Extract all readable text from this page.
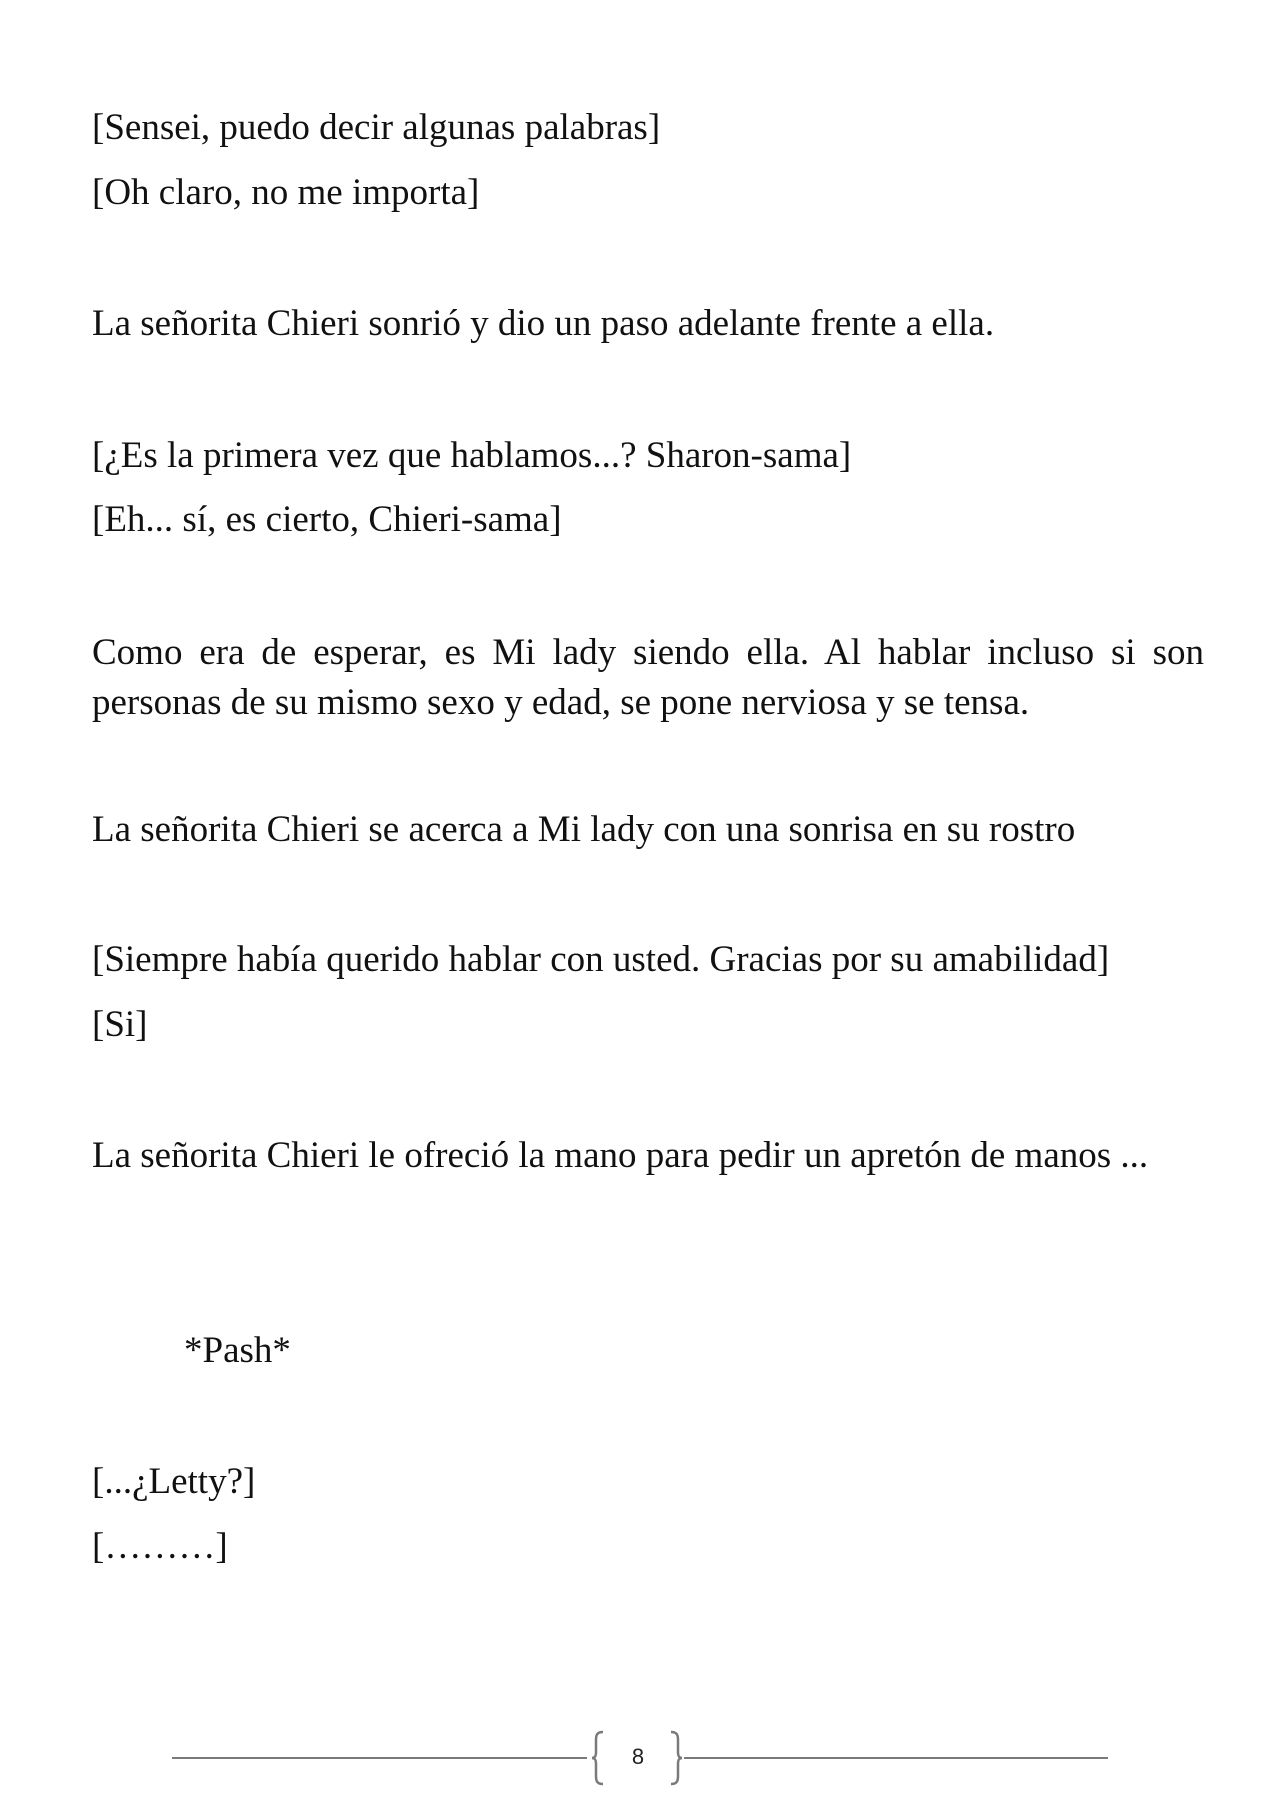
[Sensei, puedo decir algunas palabras]

[Oh claro, no me importa]

La señorita Chieri sonrió y dio un paso adelante frente a ella.

[¿Es la primera vez que hablamos...? Sharon-sama]

[Eh... sí, es cierto, Chieri-sama]

Como era de esperar, es Mi lady siendo ella. Al hablar incluso si son
personas de su mismo sexo y edad, se pone nerviosa y se tensa.

La señorita Chieri se acerca a Mi lady con una sonrisa en su rostro

[Siempre había querido hablar con usted. Gracias por su amabilidad]

[Si]

La señorita Chieri le ofreció la mano para pedir un apretón de manos ...

*Pash*

[...¿Letty?]

[………]

8
